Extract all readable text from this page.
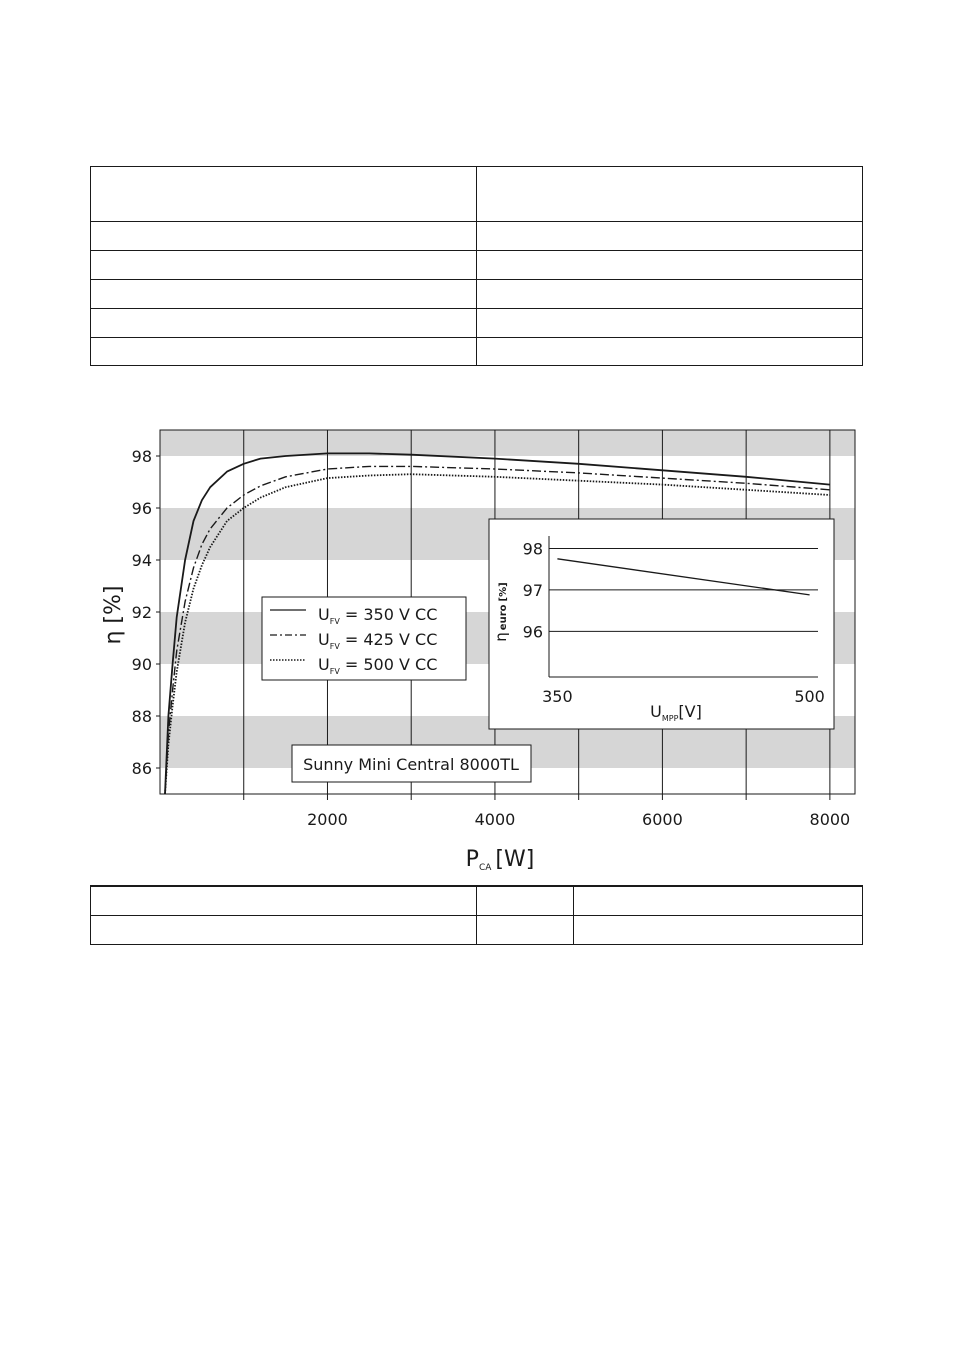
86
88
90
92
94
96
98
2000	4000	6000	8000
η [%]
PCA [W]
$U_{FV} = 350$ V CC
$U_{FV} = 425$ V CC
$U_{FV} = 500$ V CC
Sunny Mini Central 8000TL
96
97
98
350	500
$U_{MPP}[V]$
ηeuro[%]
